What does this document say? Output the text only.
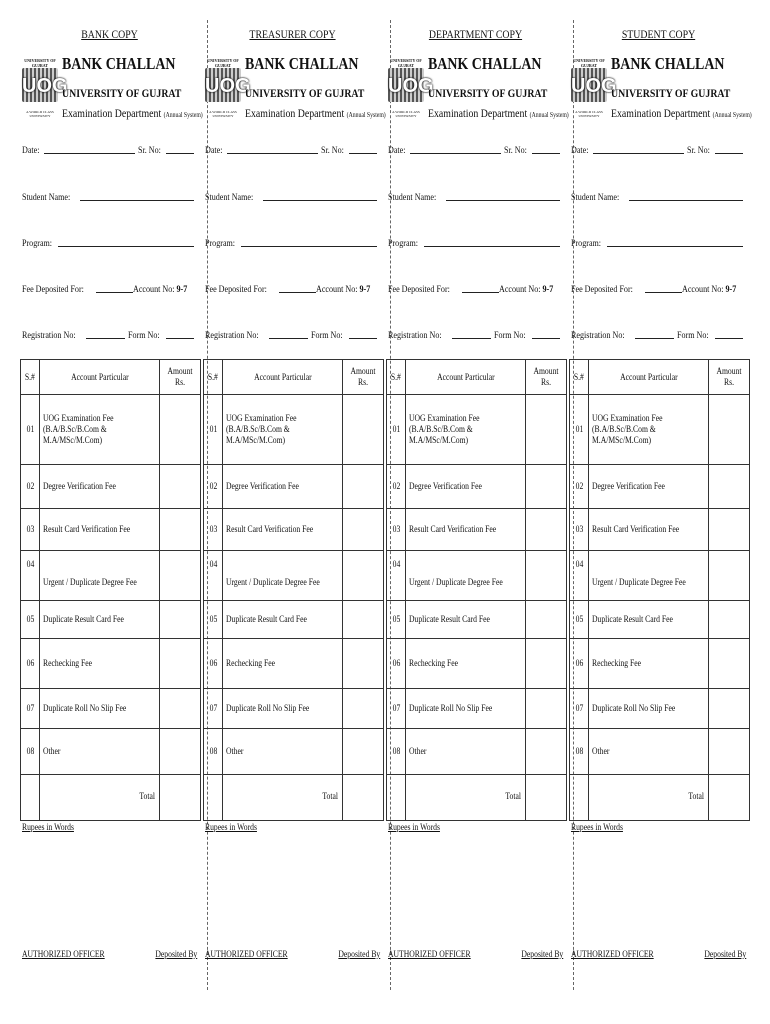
BANK COPY
UNIVERSITY OF GUJRAT
UOG
A WORLD CLASS UNIVERSITY
BANK CHALLAN
UNIVERSITY OF GUJRAT
Examination Department (Annual System)
Date:	Sr. No:
Student Name:
Program:
Fee Deposited For:	Account No: 9-7
Registration No:	Form No:
S.#	Account Particular	Amount Rs.
01	UOG Examination Fee
(B.A/B.Sc/B.Com &
M.A/MSc/M.Com)	
02	Degree Verification Fee	
03	Result Card Verification Fee	
04	Urgent / Duplicate Degree Fee	
05	Duplicate Result Card Fee	
06	Rechecking Fee	
07	Duplicate Roll No Slip Fee	
08	Other	
	Total	
Rupees in Words
AUTHORIZED OFFICER	Deposited By
TREASURER COPY
UNIVERSITY OF GUJRAT
UOG
A WORLD CLASS UNIVERSITY
BANK CHALLAN
UNIVERSITY OF GUJRAT
Examination Department (Annual System)
Date:	Sr. No:
Student Name:
Program:
Fee Deposited For:	Account No: 9-7
Registration No:	Form No:
S.#	Account Particular	Amount Rs.
01	UOG Examination Fee
(B.A/B.Sc/B.Com &
M.A/MSc/M.Com)	
02	Degree Verification Fee	
03	Result Card Verification Fee	
04	Urgent / Duplicate Degree Fee	
05	Duplicate Result Card Fee	
06	Rechecking Fee	
07	Duplicate Roll No Slip Fee	
08	Other	
	Total	
Rupees in Words
AUTHORIZED OFFICER	Deposited By
DEPARTMENT COPY
UNIVERSITY OF GUJRAT
UOG
A WORLD CLASS UNIVERSITY
BANK CHALLAN
UNIVERSITY OF GUJRAT
Examination Department (Annual System)
Date:	Sr. No:
Student Name:
Program:
Fee Deposited For:	Account No: 9-7
Registration No:	Form No:
S.#	Account Particular	Amount Rs.
01	UOG Examination Fee
(B.A/B.Sc/B.Com &
M.A/MSc/M.Com)	
02	Degree Verification Fee	
03	Result Card Verification Fee	
04	Urgent / Duplicate Degree Fee	
05	Duplicate Result Card Fee	
06	Rechecking Fee	
07	Duplicate Roll No Slip Fee	
08	Other	
	Total	
Rupees in Words
AUTHORIZED OFFICER	Deposited By
STUDENT COPY
UNIVERSITY OF GUJRAT
UOG
A WORLD CLASS UNIVERSITY
BANK CHALLAN
UNIVERSITY OF GUJRAT
Examination Department (Annual System)
Date:	Sr. No:
Student Name:
Program:
Fee Deposited For:	Account No: 9-7
Registration No:	Form No:
S.#	Account Particular	Amount Rs.
01	UOG Examination Fee
(B.A/B.Sc/B.Com &
M.A/MSc/M.Com)	
02	Degree Verification Fee	
03	Result Card Verification Fee	
04	Urgent / Duplicate Degree Fee	
05	Duplicate Result Card Fee	
06	Rechecking Fee	
07	Duplicate Roll No Slip Fee	
08	Other	
	Total	
Rupees in Words
AUTHORIZED OFFICER	Deposited By
